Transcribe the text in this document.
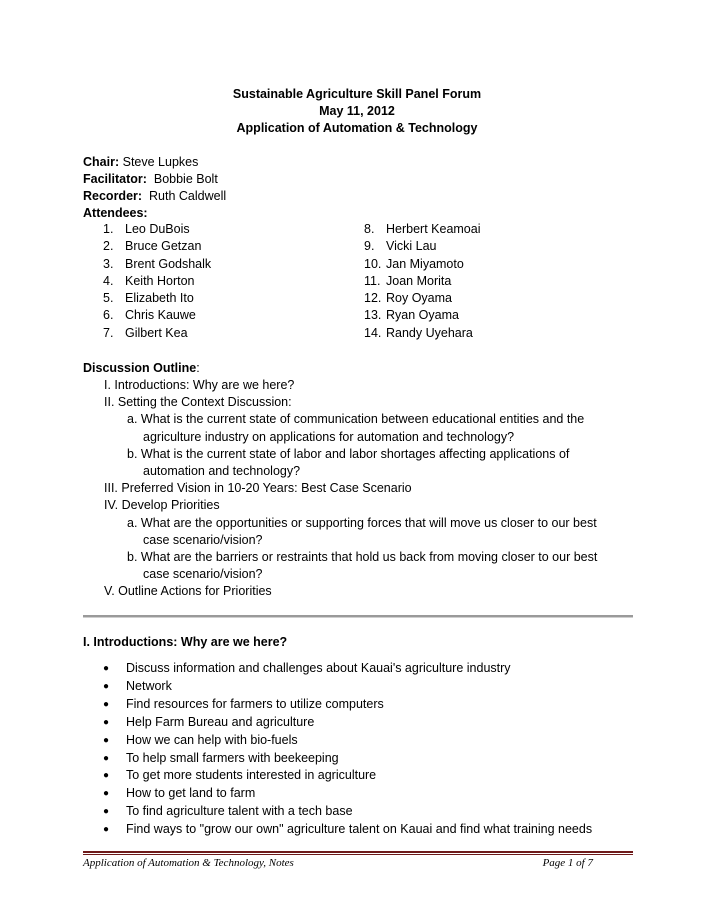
Sustainable Agriculture Skill Panel Forum
May 11, 2012
Application of Automation & Technology
Chair: Steve Lupkes
Facilitator: Bobbie Bolt
Recorder: Ruth Caldwell
Attendees:
1. Leo DuBois
2. Bruce Getzan
3. Brent Godshalk
4. Keith Horton
5. Elizabeth Ito
6. Chris Kauwe
7. Gilbert Kea
8. Herbert Keamoai
9. Vicki Lau
10. Jan Miyamoto
11. Joan Morita
12. Roy Oyama
13. Ryan Oyama
14. Randy Uyehara
Discussion Outline:
I. Introductions: Why are we here?
II. Setting the Context Discussion:
a. What is the current state of communication between educational entities and the
agriculture industry on applications for automation and technology?
b. What is the current state of labor and labor shortages affecting applications of
automation and technology?
III. Preferred Vision in 10-20 Years: Best Case Scenario
IV. Develop Priorities
a. What are the opportunities or supporting forces that will move us closer to our best
case scenario/vision?
b. What are the barriers or restraints that hold us back from moving closer to our best
case scenario/vision?
V. Outline Actions for Priorities
I. Introductions: Why are we here?
●	Discuss information and challenges about Kauai's agriculture industry
●	Network
●	Find resources for farmers to utilize computers
●	Help Farm Bureau and agriculture
●	How we can help with bio-fuels
●	To help small farmers with beekeeping
●	To get more students interested in agriculture
●	How to get land to farm
●	To find agriculture talent with a tech base
●	Find ways to "grow our own" agriculture talent on Kauai and find what training needs
Application of Automation & Technology, Notes	Page 1 of 7
